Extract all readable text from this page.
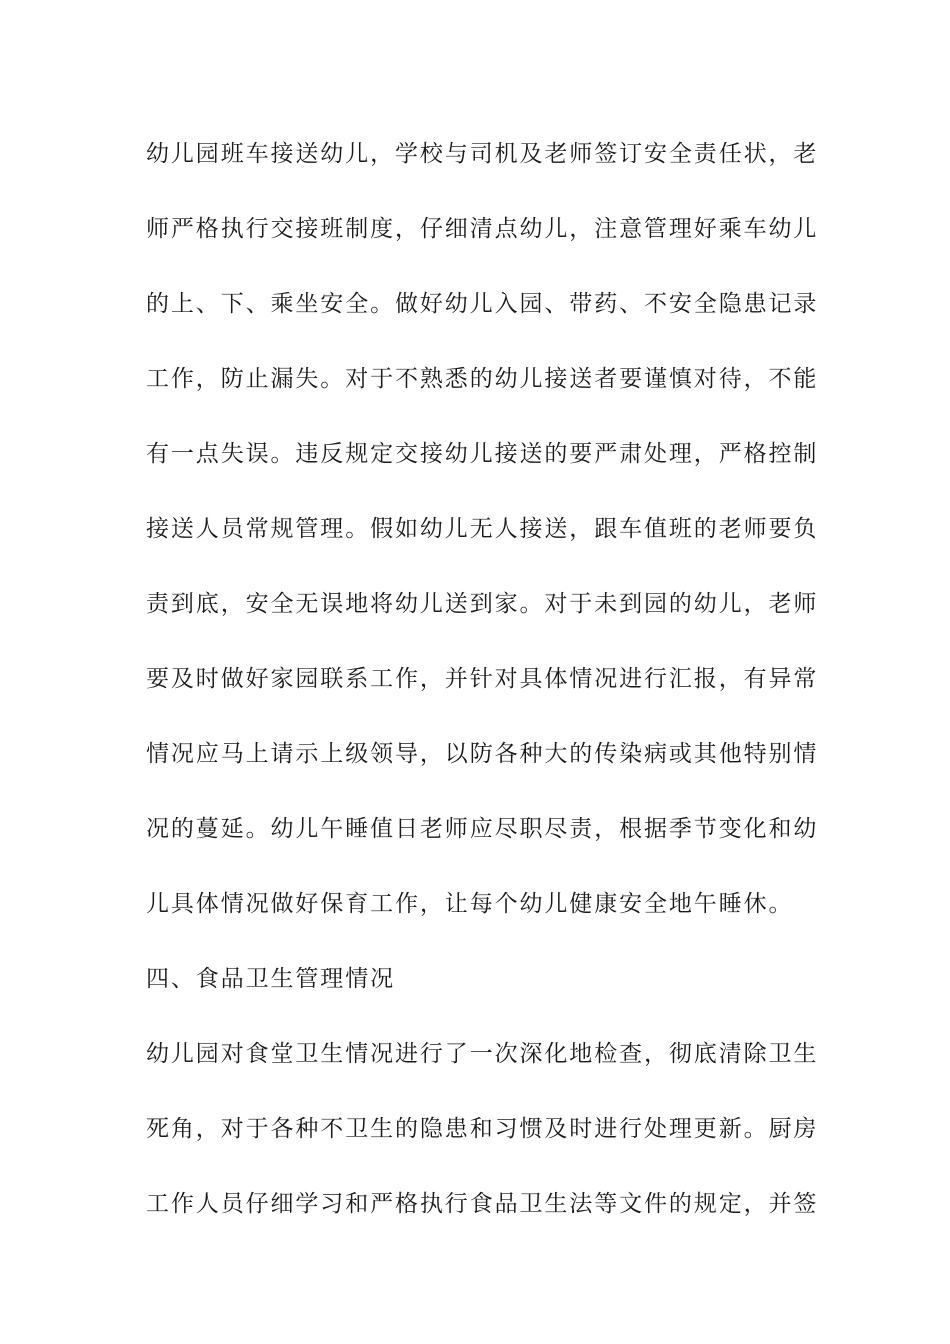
幼儿园班车接送幼儿，学校与司机及老师签订安全责任状，老
师严格执行交接班制度，仔细清点幼儿，注意管理好乘车幼儿
的上、下、乘坐安全。做好幼儿入园、带药、不安全隐患记录
工作，防止漏失。对于不熟悉的幼儿接送者要谨慎对待，不能
有一点失误。违反规定交接幼儿接送的要严肃处理，严格控制
接送人员常规管理。假如幼儿无人接送，跟车值班的老师要负
责到底，安全无误地将幼儿送到家。对于未到园的幼儿，老师
要及时做好家园联系工作，并针对具体情况进行汇报，有异常
情况应马上请示上级领导，以防各种大的传染病或其他特别情
况的蔓延。幼儿午睡值日老师应尽职尽责，根据季节变化和幼
儿具体情况做好保育工作，让每个幼儿健康安全地午睡休。
四、食品卫生管理情况
幼儿园对食堂卫生情况进行了一次深化地检查，彻底清除卫生
死角，对于各种不卫生的隐患和习惯及时进行处理更新。厨房
工作人员仔细学习和严格执行食品卫生法等文件的规定，并签
